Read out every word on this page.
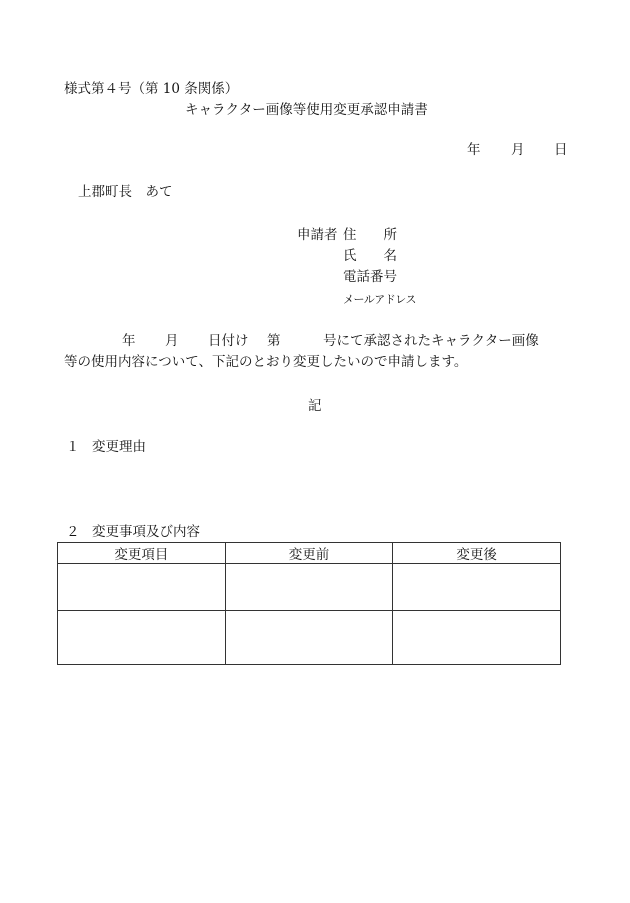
様式第４号（第 10 条関係）
キャラクター画像等使用変更承認申請書
年 月 日
上郡町長　あて
申請者 住　　所
氏　　名
電話番号
メールアドレス
年 月 日付け 第	号にて承認されたキャラクター画像
等の使用内容について、下記のとおり変更したいので申請します。
記
１ 変更理由
２ 変更事項及び内容
変更項目	変更前	変更後
